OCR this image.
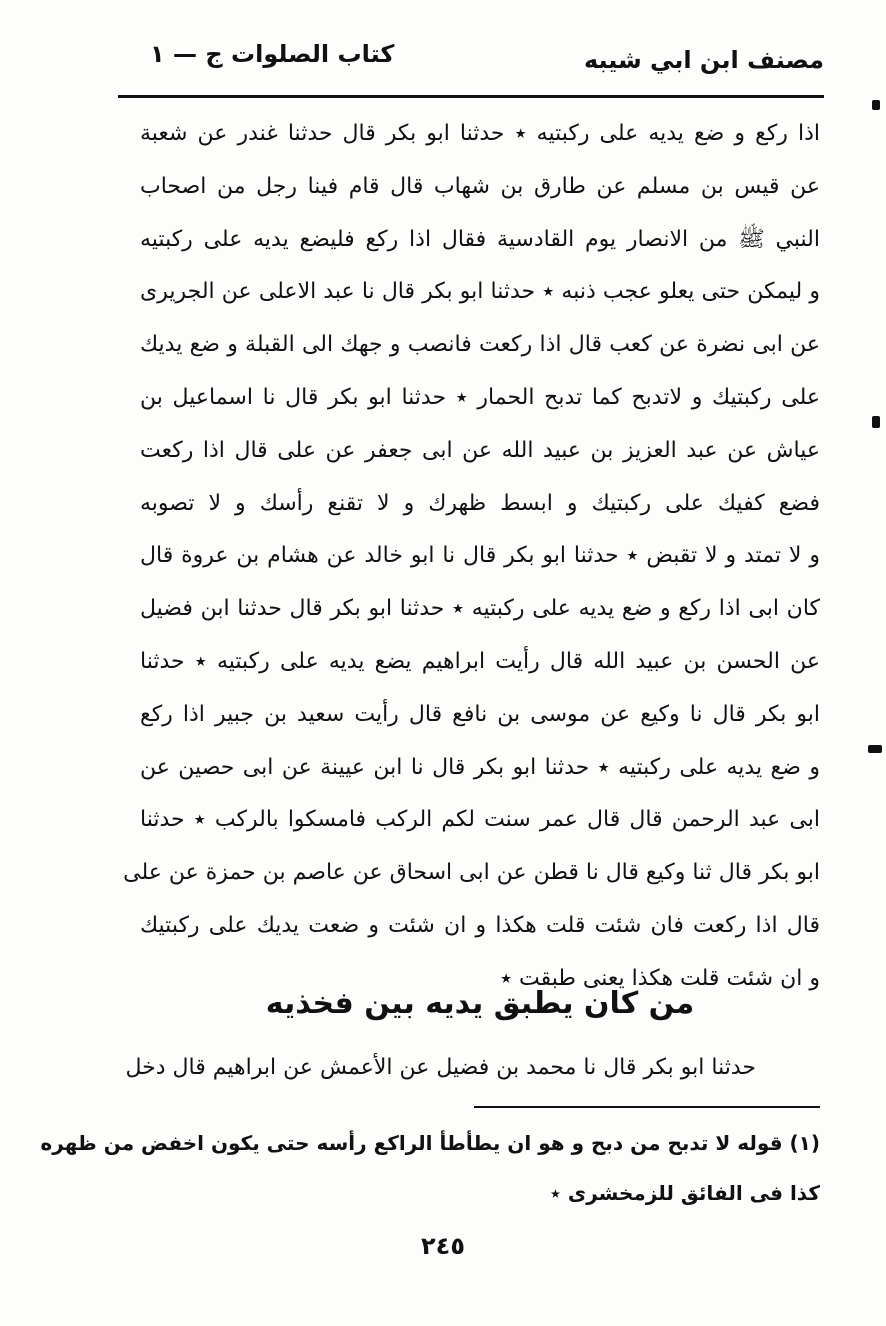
مصنف ابن ابي شيبه
كتاب الصلوات ج — ١
اذا ركع و ضع يديه على ركبتيه ٭ حدثنا ابو بكر قال حدثنا غندر عن شعبة
عن قيس بن مسلم عن طارق بن شهاب قال قام فينا رجل من اصحاب
النبي ﷺ من الانصار يوم القادسية فقال اذا ركع فليضع يديه على ركبتيه
و ليمكن حتى يعلو عجب ذنبه ٭ حدثنا ابو بكر قال نا عبد الاعلى عن الجريرى
عن ابى نضرة عن كعب قال اذا ركعت فانصب و جهك الى القبلة و ضع يديك
على ركبتيك و لاتدبح كما تدبح الحمار ٭ حدثنا ابو بكر قال نا اسماعيل بن
عياش عن عبد العزيز بن عبيد الله عن ابى جعفر عن على قال اذا ركعت
فضع كفيك على ركبتيك و ابسط ظهرك و لا تقنع رأسك و لا تصوبه
و لا تمتد و لا تقبض ٭ حدثنا ابو بكر قال نا ابو خالد عن هشام بن عروة قال
كان ابى اذا ركع و ضع يديه على ركبتيه ٭ حدثنا ابو بكر قال حدثنا ابن فضيل
عن الحسن بن عبيد الله قال رأيت ابراهيم يضع يديه على ركبتيه ٭ حدثنا
ابو بكر قال نا وكيع عن موسى بن نافع قال رأيت سعيد بن جبير اذا ركع
و ضع يديه على ركبتيه ٭ حدثنا ابو بكر قال نا ابن عيينة عن ابى حصين عن
ابى عبد الرحمن قال قال عمر سنت لكم الركب فامسكوا بالركب ٭ حدثنا
ابو بكر قال ثنا وكيع قال نا قطن عن ابى اسحاق عن عاصم بن حمزة عن على
قال اذا ركعت فان شئت قلت هكذا و ان شئت و ضعت يديك على ركبتيك
و ان شئت قلت هكذا يعنى طبقت ٭
من كان يطبق يديه بين فخذيه
حدثنا ابو بكر قال نا محمد بن فضيل عن الأعمش عن ابراهيم قال دخل
(١) قوله لا تدبح من دبح و هو ان يطأطأ الراكع رأسه حتى يكون اخفض من ظهره
كذا فى الفائق للزمخشرى ٭
٢٤٥
